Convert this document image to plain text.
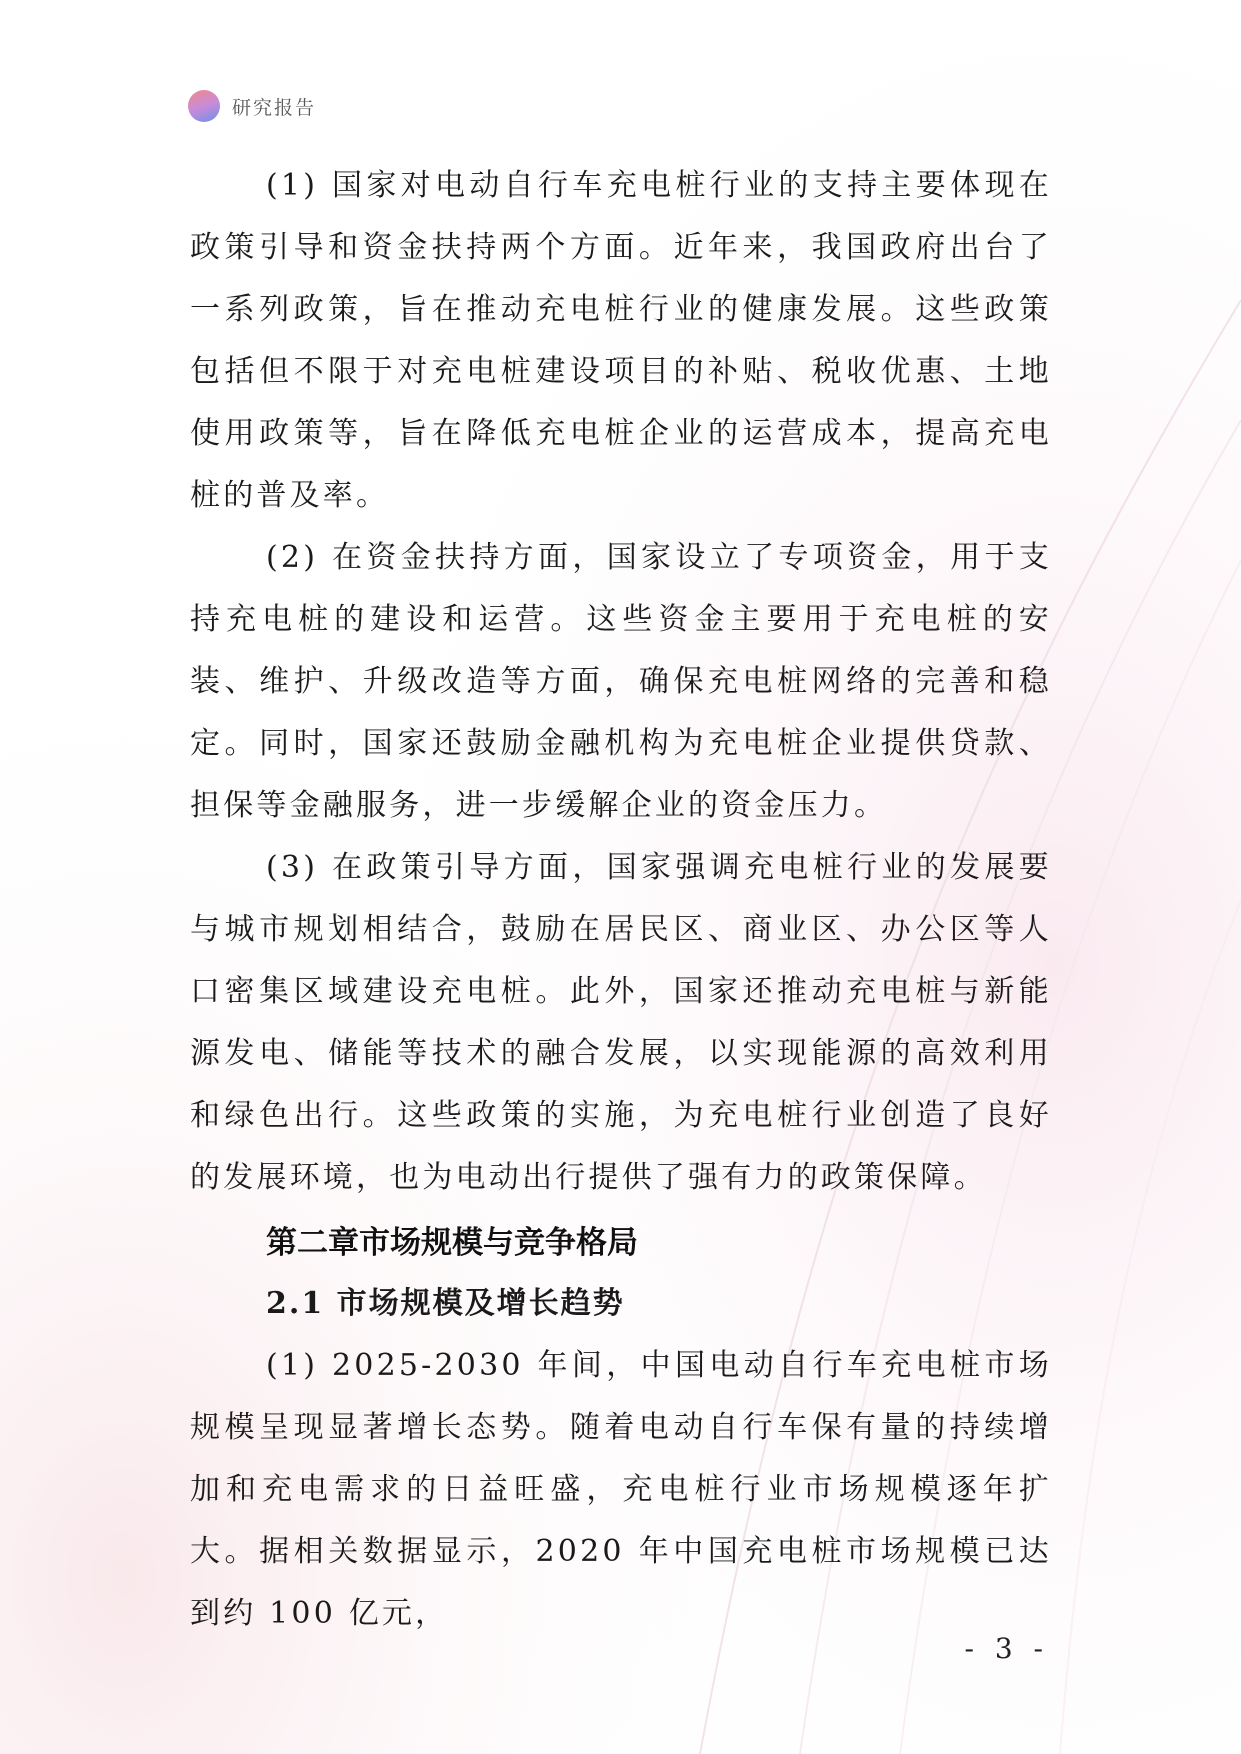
研究报告

(1) 国家对电动自行车充电桩行业的支持主要体现在政策引导和资金扶持两个方面。近年来，我国政府出台了一系列政策，旨在推动充电桩行业的健康发展。这些政策包括但不限于对充电桩建设项目的补贴、税收优惠、土地使用政策等，旨在降低充电桩企业的运营成本，提高充电桩的普及率。

(2) 在资金扶持方面，国家设立了专项资金，用于支持充电桩的建设和运营。这些资金主要用于充电桩的安装、维护、升级改造等方面，确保充电桩网络的完善和稳定。同时，国家还鼓励金融机构为充电桩企业提供贷款、担保等金融服务，进一步缓解企业的资金压力。

(3) 在政策引导方面，国家强调充电桩行业的发展要与城市规划相结合，鼓励在居民区、商业区、办公区等人口密集区域建设充电桩。此外，国家还推动充电桩与新能源发电、储能等技术的融合发展，以实现能源的高效利用和绿色出行。这些政策的实施，为充电桩行业创造了良好的发展环境，也为电动出行提供了强有力的政策保障。

第二章市场规模与竞争格局
2.1 市场规模及增长趋势

(1) 2025-2030 年间，中国电动自行车充电桩市场规模呈现显著增长态势。随着电动自行车保有量的持续增加和充电需求的日益旺盛，充电桩行业市场规模逐年扩大。据相关数据显示，2020 年中国充电桩市场规模已达到约 100 亿元，

- 3 -
